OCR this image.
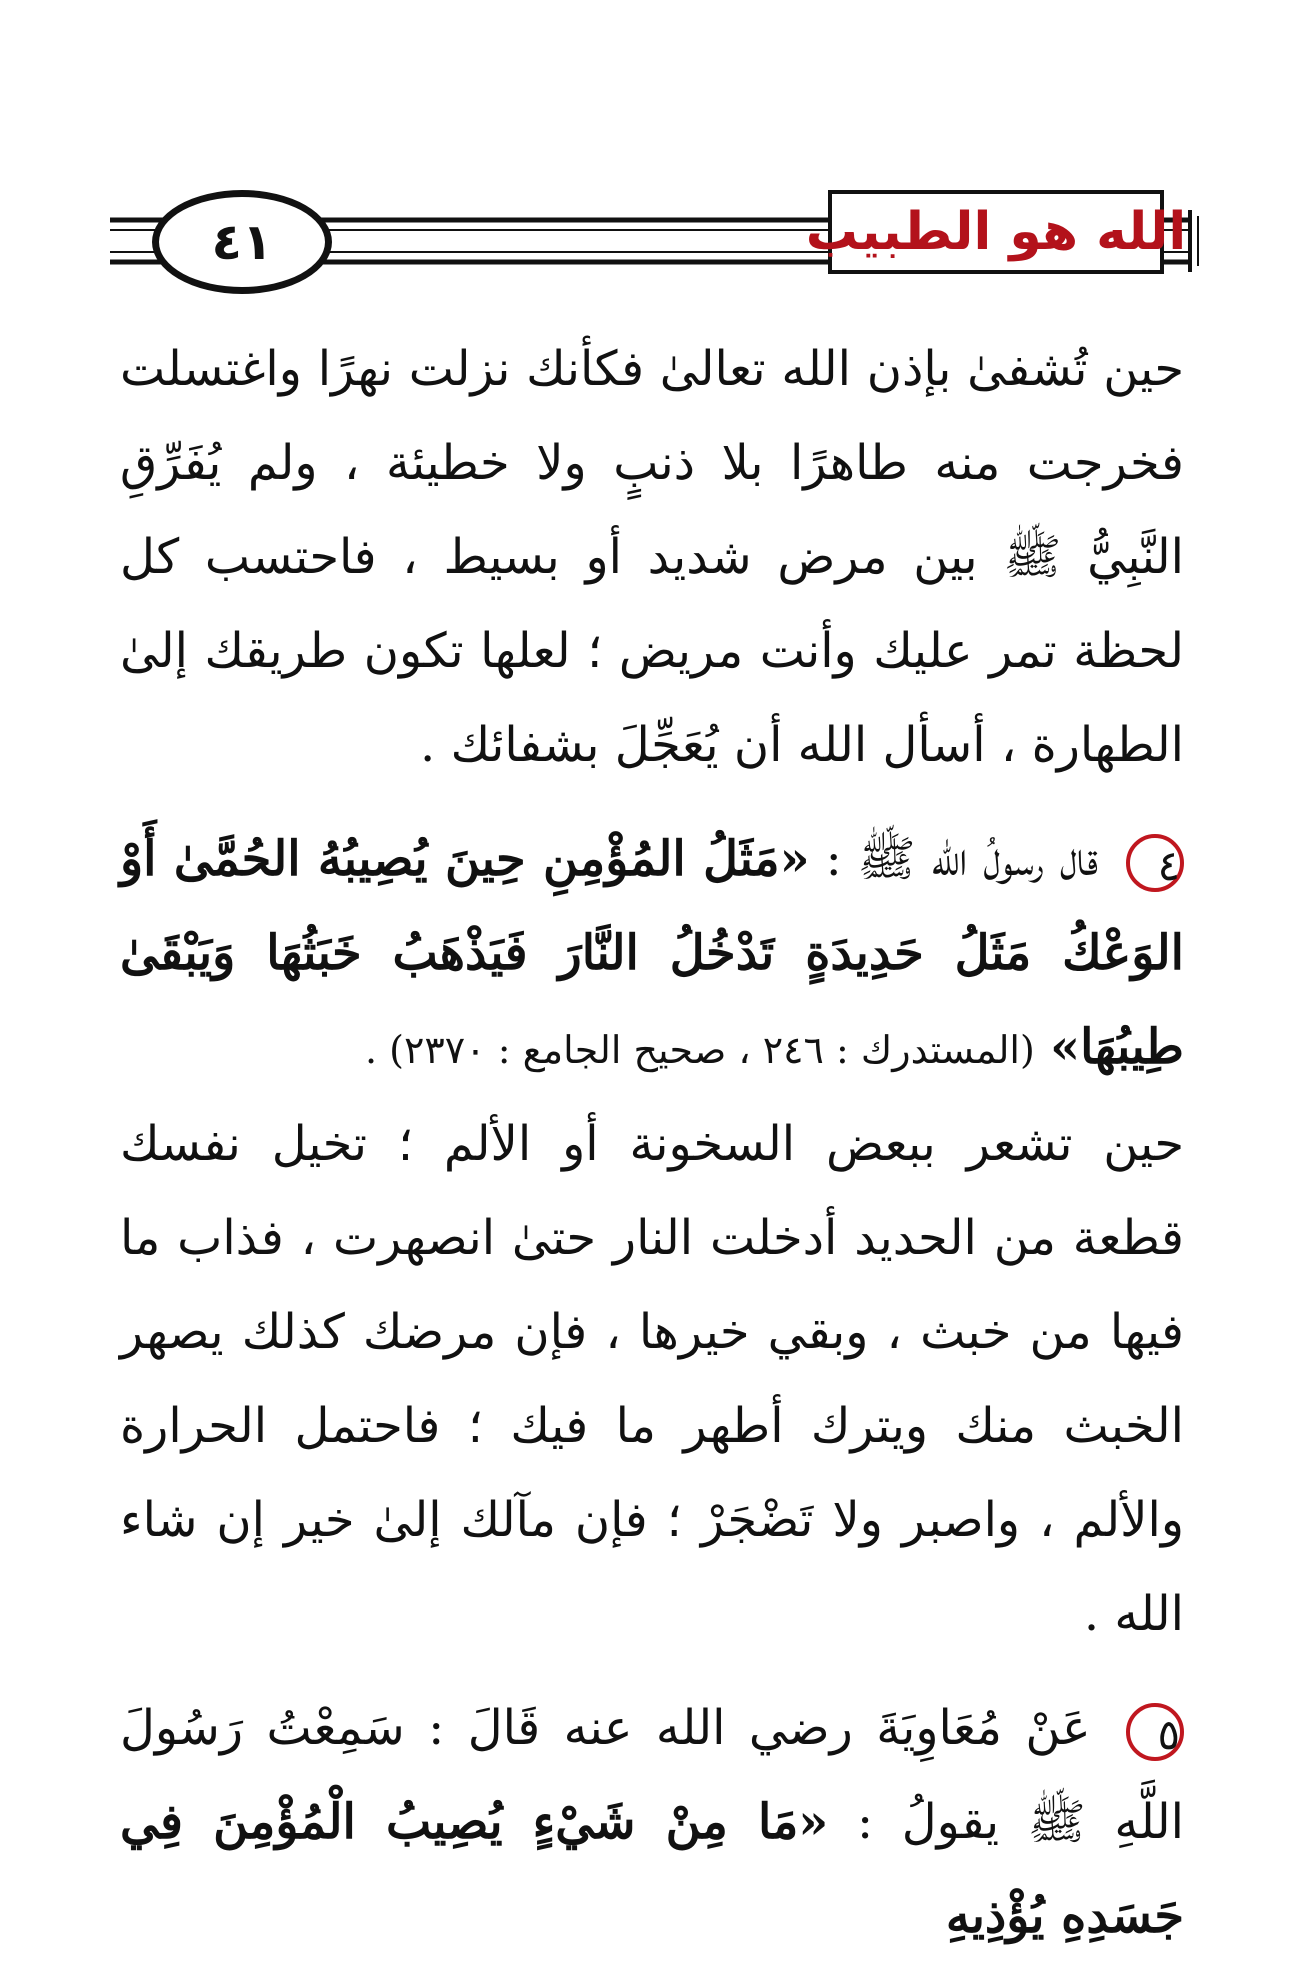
الله هو الطبيب
٤١

حين تُشفىٰ بإذن الله تعالىٰ فكأنك نزلت نهرًا واغتسلت فخرجت منه طاهرًا بلا ذنبٍ ولا خطيئة ، ولم يُفَرِّقِ النَّبِيُّ ﷺ بين مرض شديد أو بسيط ، فاحتسب كل لحظة تمر عليك وأنت مريض ؛ لعلها تكون طريقك إلىٰ الطهارة ، أسأل الله أن يُعَجِّلَ بشفائك .

٤ قال رسولُ الله ﷺ : «مَثَلُ المُؤْمِنِ حِينَ يُصِيبُهُ الحُمَّىٰ أَوْ الوَعْكُ مَثَلُ حَدِيدَةٍ تَدْخُلُ النَّارَ فَيَذْهَبُ خَبَثُهَا وَيَبْقَىٰ طِيبُهَا» (المستدرك : ٢٤٦ ، صحيح الجامع : ٢٣٧٠) .

حين تشعر ببعض السخونة أو الألم ؛ تخيل نفسك قطعة من الحديد أدخلت النار حتىٰ انصهرت ، فذاب ما فيها من خبث ، وبقي خيرها ، فإن مرضك كذلك يصهر الخبث منك ويترك أطهر ما فيك ؛ فاحتمل الحرارة والألم ، واصبر ولا تَضْجَرْ ؛ فإن مآلك إلىٰ خير إن شاء الله .

٥ عَنْ مُعَاوِيَةَ رضي الله عنه قَالَ : سَمِعْتُ رَسُولَ اللَّهِ ﷺ يقولُ : «مَا مِنْ شَيْءٍ يُصِيبُ الْمُؤْمِنَ فِي جَسَدِهِ يُؤْذِيهِ
